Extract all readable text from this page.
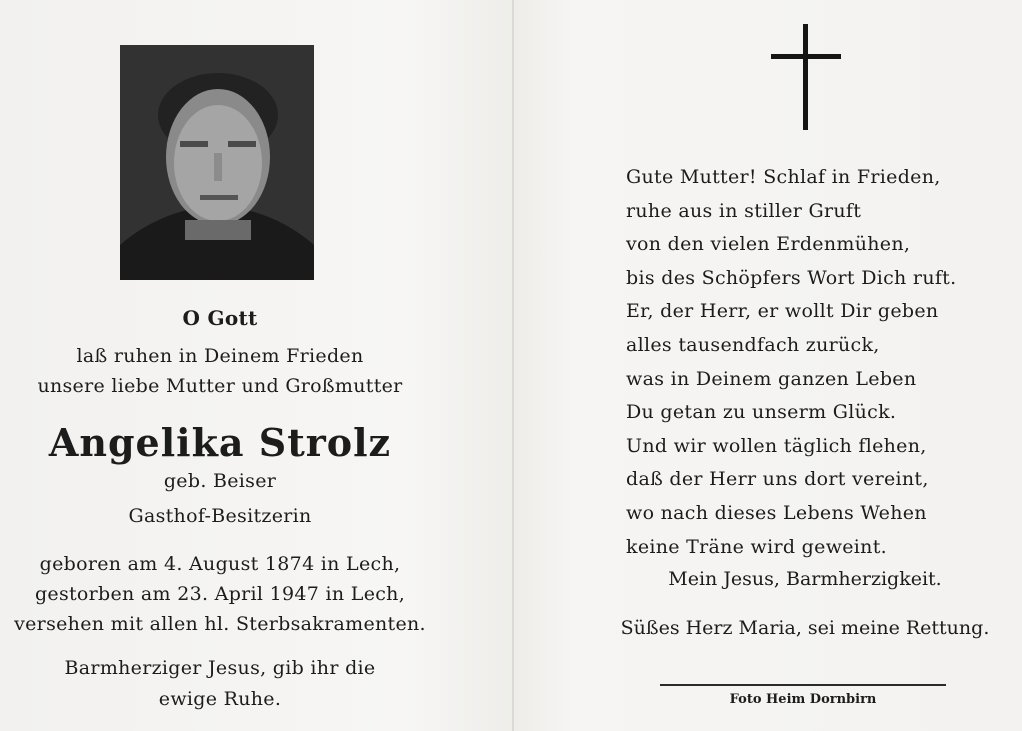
O Gott
laß ruhen in Deinem Frieden
unsere liebe Mutter und Großmutter
Angelika Strolz
geb. Beiser
Gasthof-Besitzerin
geboren am 4. August 1874 in Lech,
gestorben am 23. April 1947 in Lech,
versehen mit allen hl. Sterbsakramenten.
Barmherziger Jesus, gib ihr die
ewige Ruhe.
Gute Mutter! Schlaf in Frieden,
ruhe aus in stiller Gruft
von den vielen Erdenmühen,
bis des Schöpfers Wort Dich ruft.
Er, der Herr, er wollt Dir geben
alles tausendfach zurück,
was in Deinem ganzen Leben
Du getan zu unserm Glück.
Und wir wollen täglich flehen,
daß der Herr uns dort vereint,
wo nach dieses Lebens Wehen
keine Träne wird geweint.
Mein Jesus, Barmherzigkeit.
Süßes Herz Maria, sei meine Rettung.
Foto Heim Dornbirn
